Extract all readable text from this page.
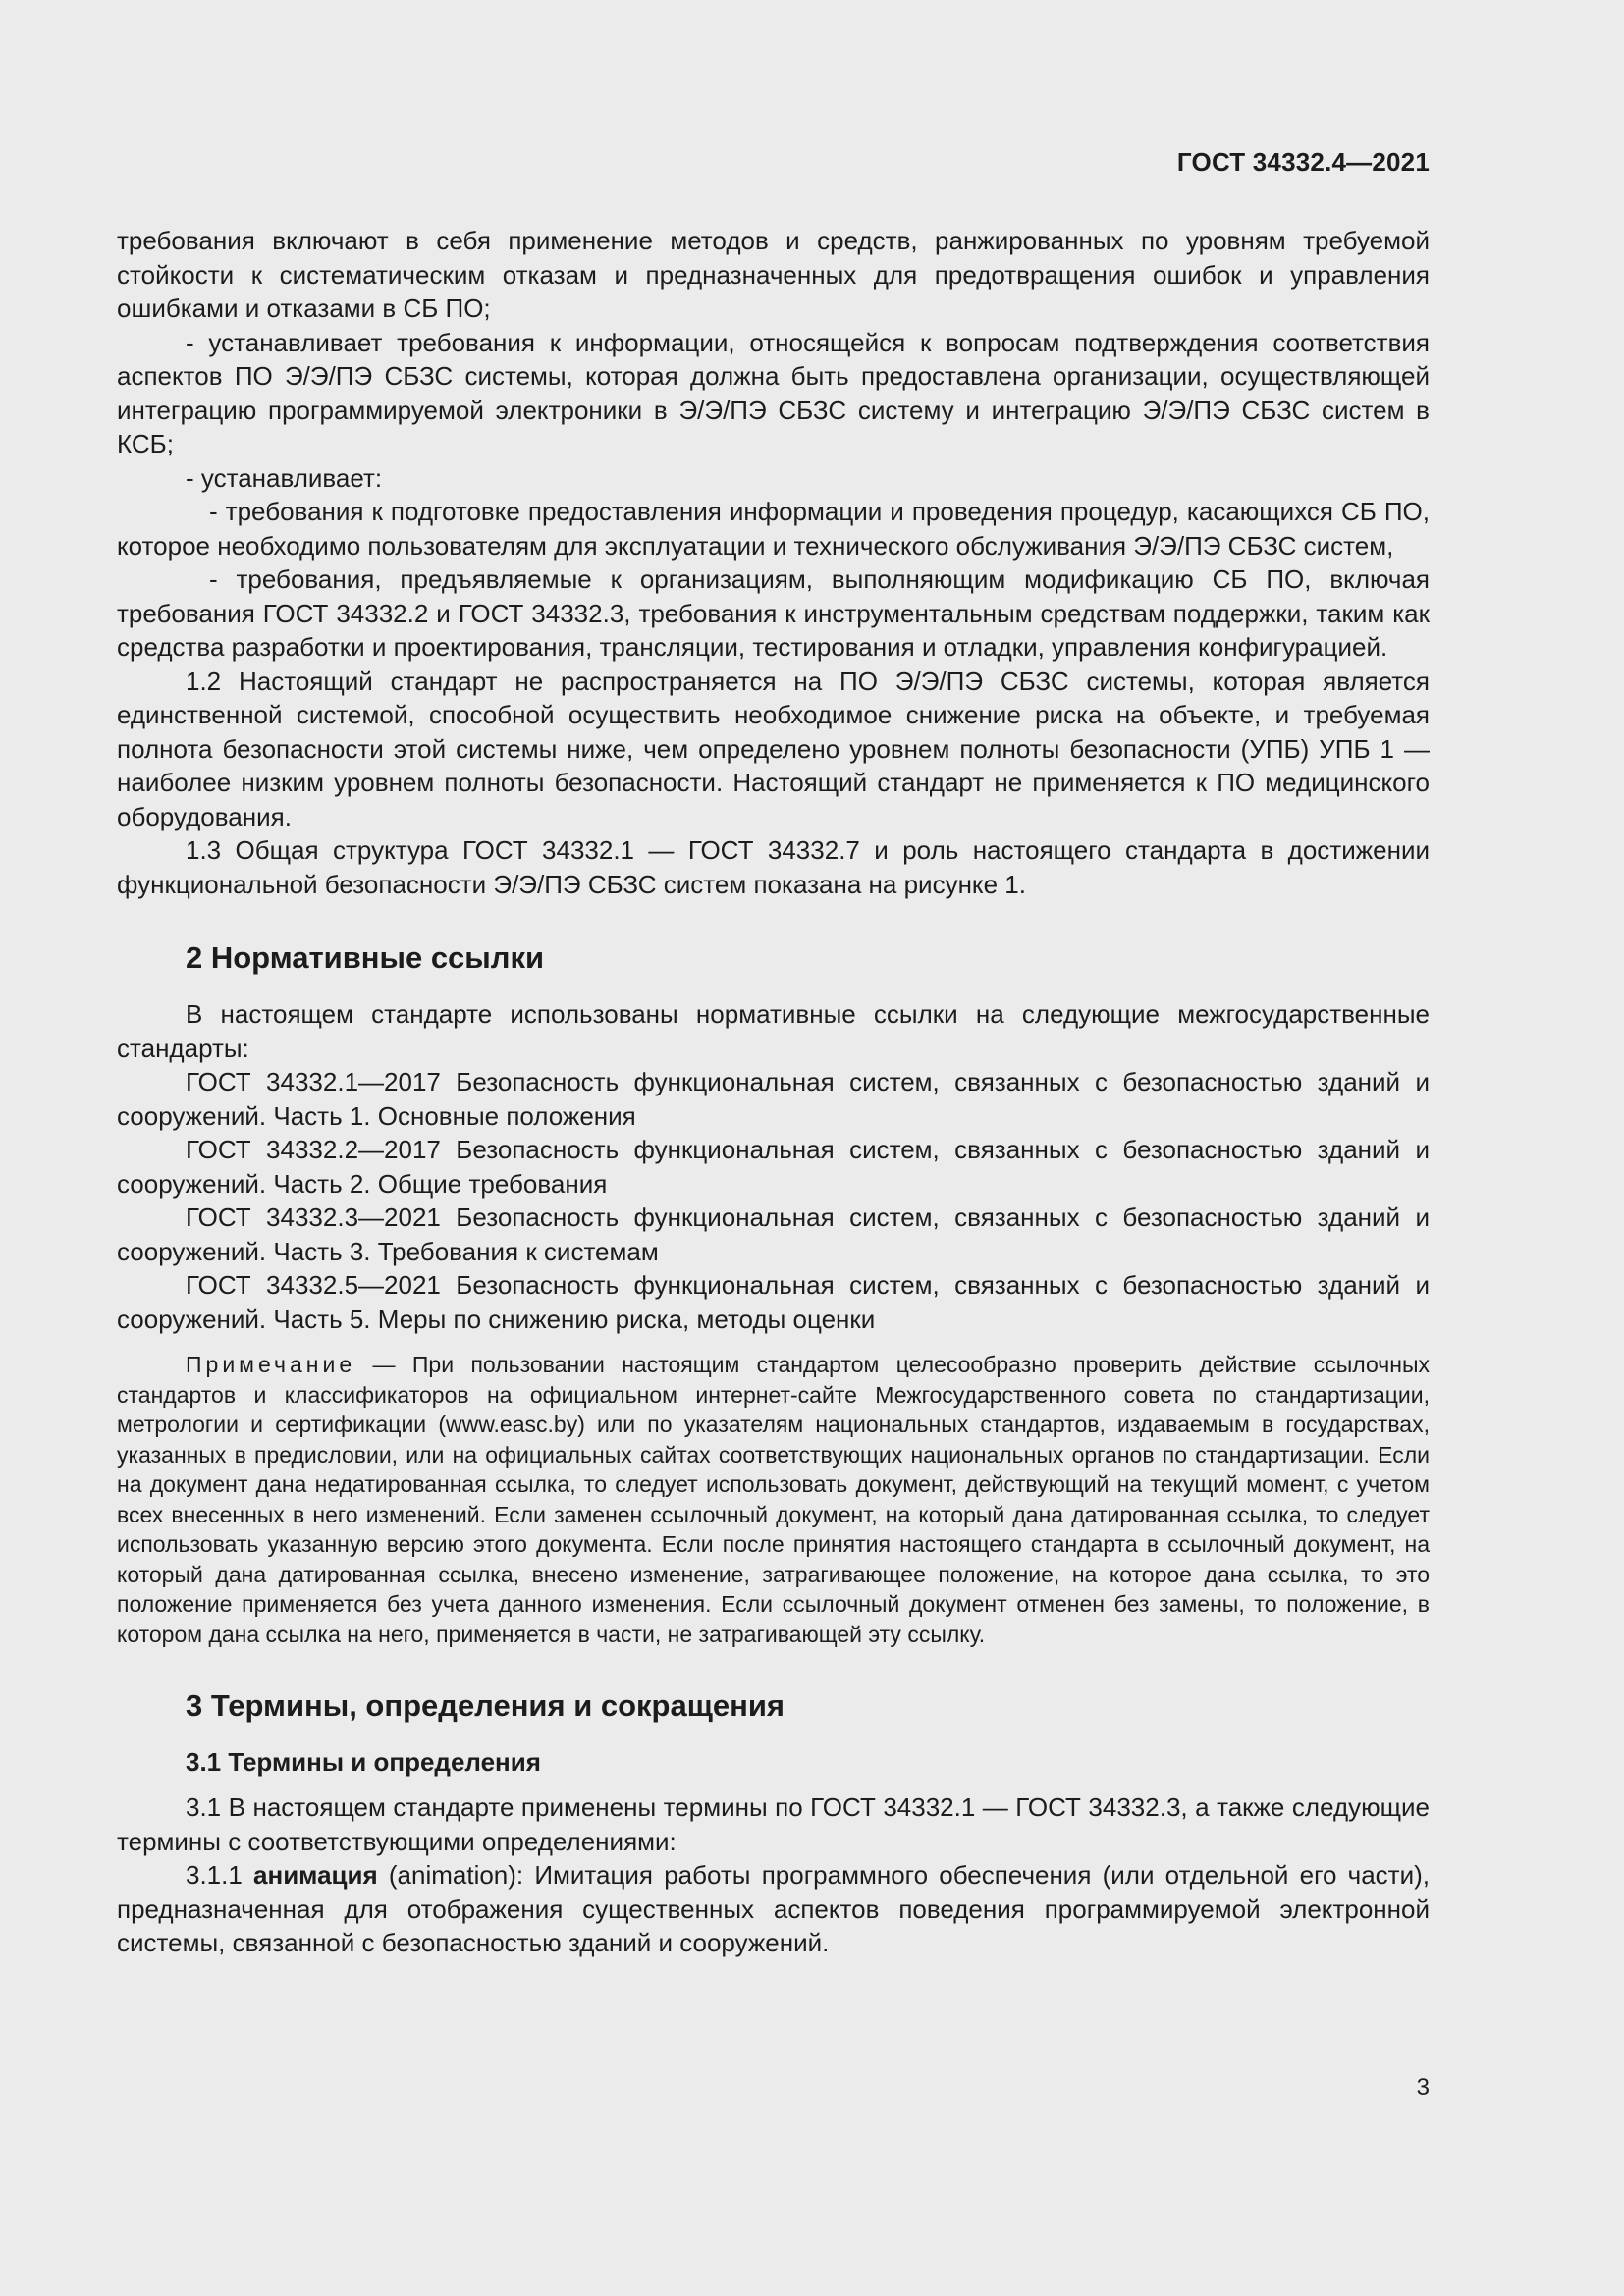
ГОСТ 34332.4—2021

требования включают в себя применение методов и средств, ранжированных по уровням требуемой стойкости к систематическим отказам и предназначенных для предотвращения ошибок и управления ошибками и отказами в СБ ПО;

- устанавливает требования к информации, относящейся к вопросам подтверждения соответствия аспектов ПО Э/Э/ПЭ СБЗС системы, которая должна быть предоставлена организации, осуществляющей интеграцию программируемой электроники в Э/Э/ПЭ СБЗС систему и интеграцию Э/Э/ПЭ СБЗС систем в КСБ;

- устанавливает:

- требования к подготовке предоставления информации и проведения процедур, касающихся СБ ПО, которое необходимо пользователям для эксплуатации и технического обслуживания Э/Э/ПЭ СБЗС систем,

- требования, предъявляемые к организациям, выполняющим модификацию СБ ПО, включая требования ГОСТ 34332.2 и ГОСТ 34332.3, требования к инструментальным средствам поддержки, таким как средства разработки и проектирования, трансляции, тестирования и отладки, управления конфигурацией.

1.2 Настоящий стандарт не распространяется на ПО Э/Э/ПЭ СБЗС системы, которая является единственной системой, способной осуществить необходимое снижение риска на объекте, и требуемая полнота безопасности этой системы ниже, чем определено уровнем полноты безопасности (УПБ) УПБ 1 — наиболее низким уровнем полноты безопасности. Настоящий стандарт не применяется к ПО медицинского оборудования.

1.3 Общая структура ГОСТ 34332.1 — ГОСТ 34332.7 и роль настоящего стандарта в достижении функциональной безопасности Э/Э/ПЭ СБЗС систем показана на рисунке 1.

2 Нормативные ссылки

В настоящем стандарте использованы нормативные ссылки на следующие межгосударственные стандарты:

ГОСТ 34332.1—2017 Безопасность функциональная систем, связанных с безопасностью зданий и сооружений. Часть 1. Основные положения

ГОСТ 34332.2—2017 Безопасность функциональная систем, связанных с безопасностью зданий и сооружений. Часть 2. Общие требования

ГОСТ 34332.3—2021 Безопасность функциональная систем, связанных с безопасностью зданий и сооружений. Часть 3. Требования к системам

ГОСТ 34332.5—2021 Безопасность функциональная систем, связанных с безопасностью зданий и сооружений. Часть 5. Меры по снижению риска, методы оценки

Примечание — При пользовании настоящим стандартом целесообразно проверить действие ссылочных стандартов и классификаторов на официальном интернет-сайте Межгосударственного совета по стандартизации, метрологии и сертификации (www.easc.by) или по указателям национальных стандартов, издаваемым в государствах, указанных в предисловии, или на официальных сайтах соответствующих национальных органов по стандартизации. Если на документ дана недатированная ссылка, то следует использовать документ, действующий на текущий момент, с учетом всех внесенных в него изменений. Если заменен ссылочный документ, на который дана датированная ссылка, то следует использовать указанную версию этого документа. Если после принятия настоящего стандарта в ссылочный документ, на который дана датированная ссылка, внесено изменение, затрагивающее положение, на которое дана ссылка, то это положение применяется без учета данного изменения. Если ссылочный документ отменен без замены, то положение, в котором дана ссылка на него, применяется в части, не затрагивающей эту ссылку.

3 Термины, определения и сокращения

3.1 Термины и определения

3.1 В настоящем стандарте применены термины по ГОСТ 34332.1 — ГОСТ 34332.3, а также следующие термины с соответствующими определениями:

3.1.1 анимация (animation): Имитация работы программного обеспечения (или отдельной его части), предназначенная для отображения существенных аспектов поведения программируемой электронной системы, связанной с безопасностью зданий и сооружений.

3
